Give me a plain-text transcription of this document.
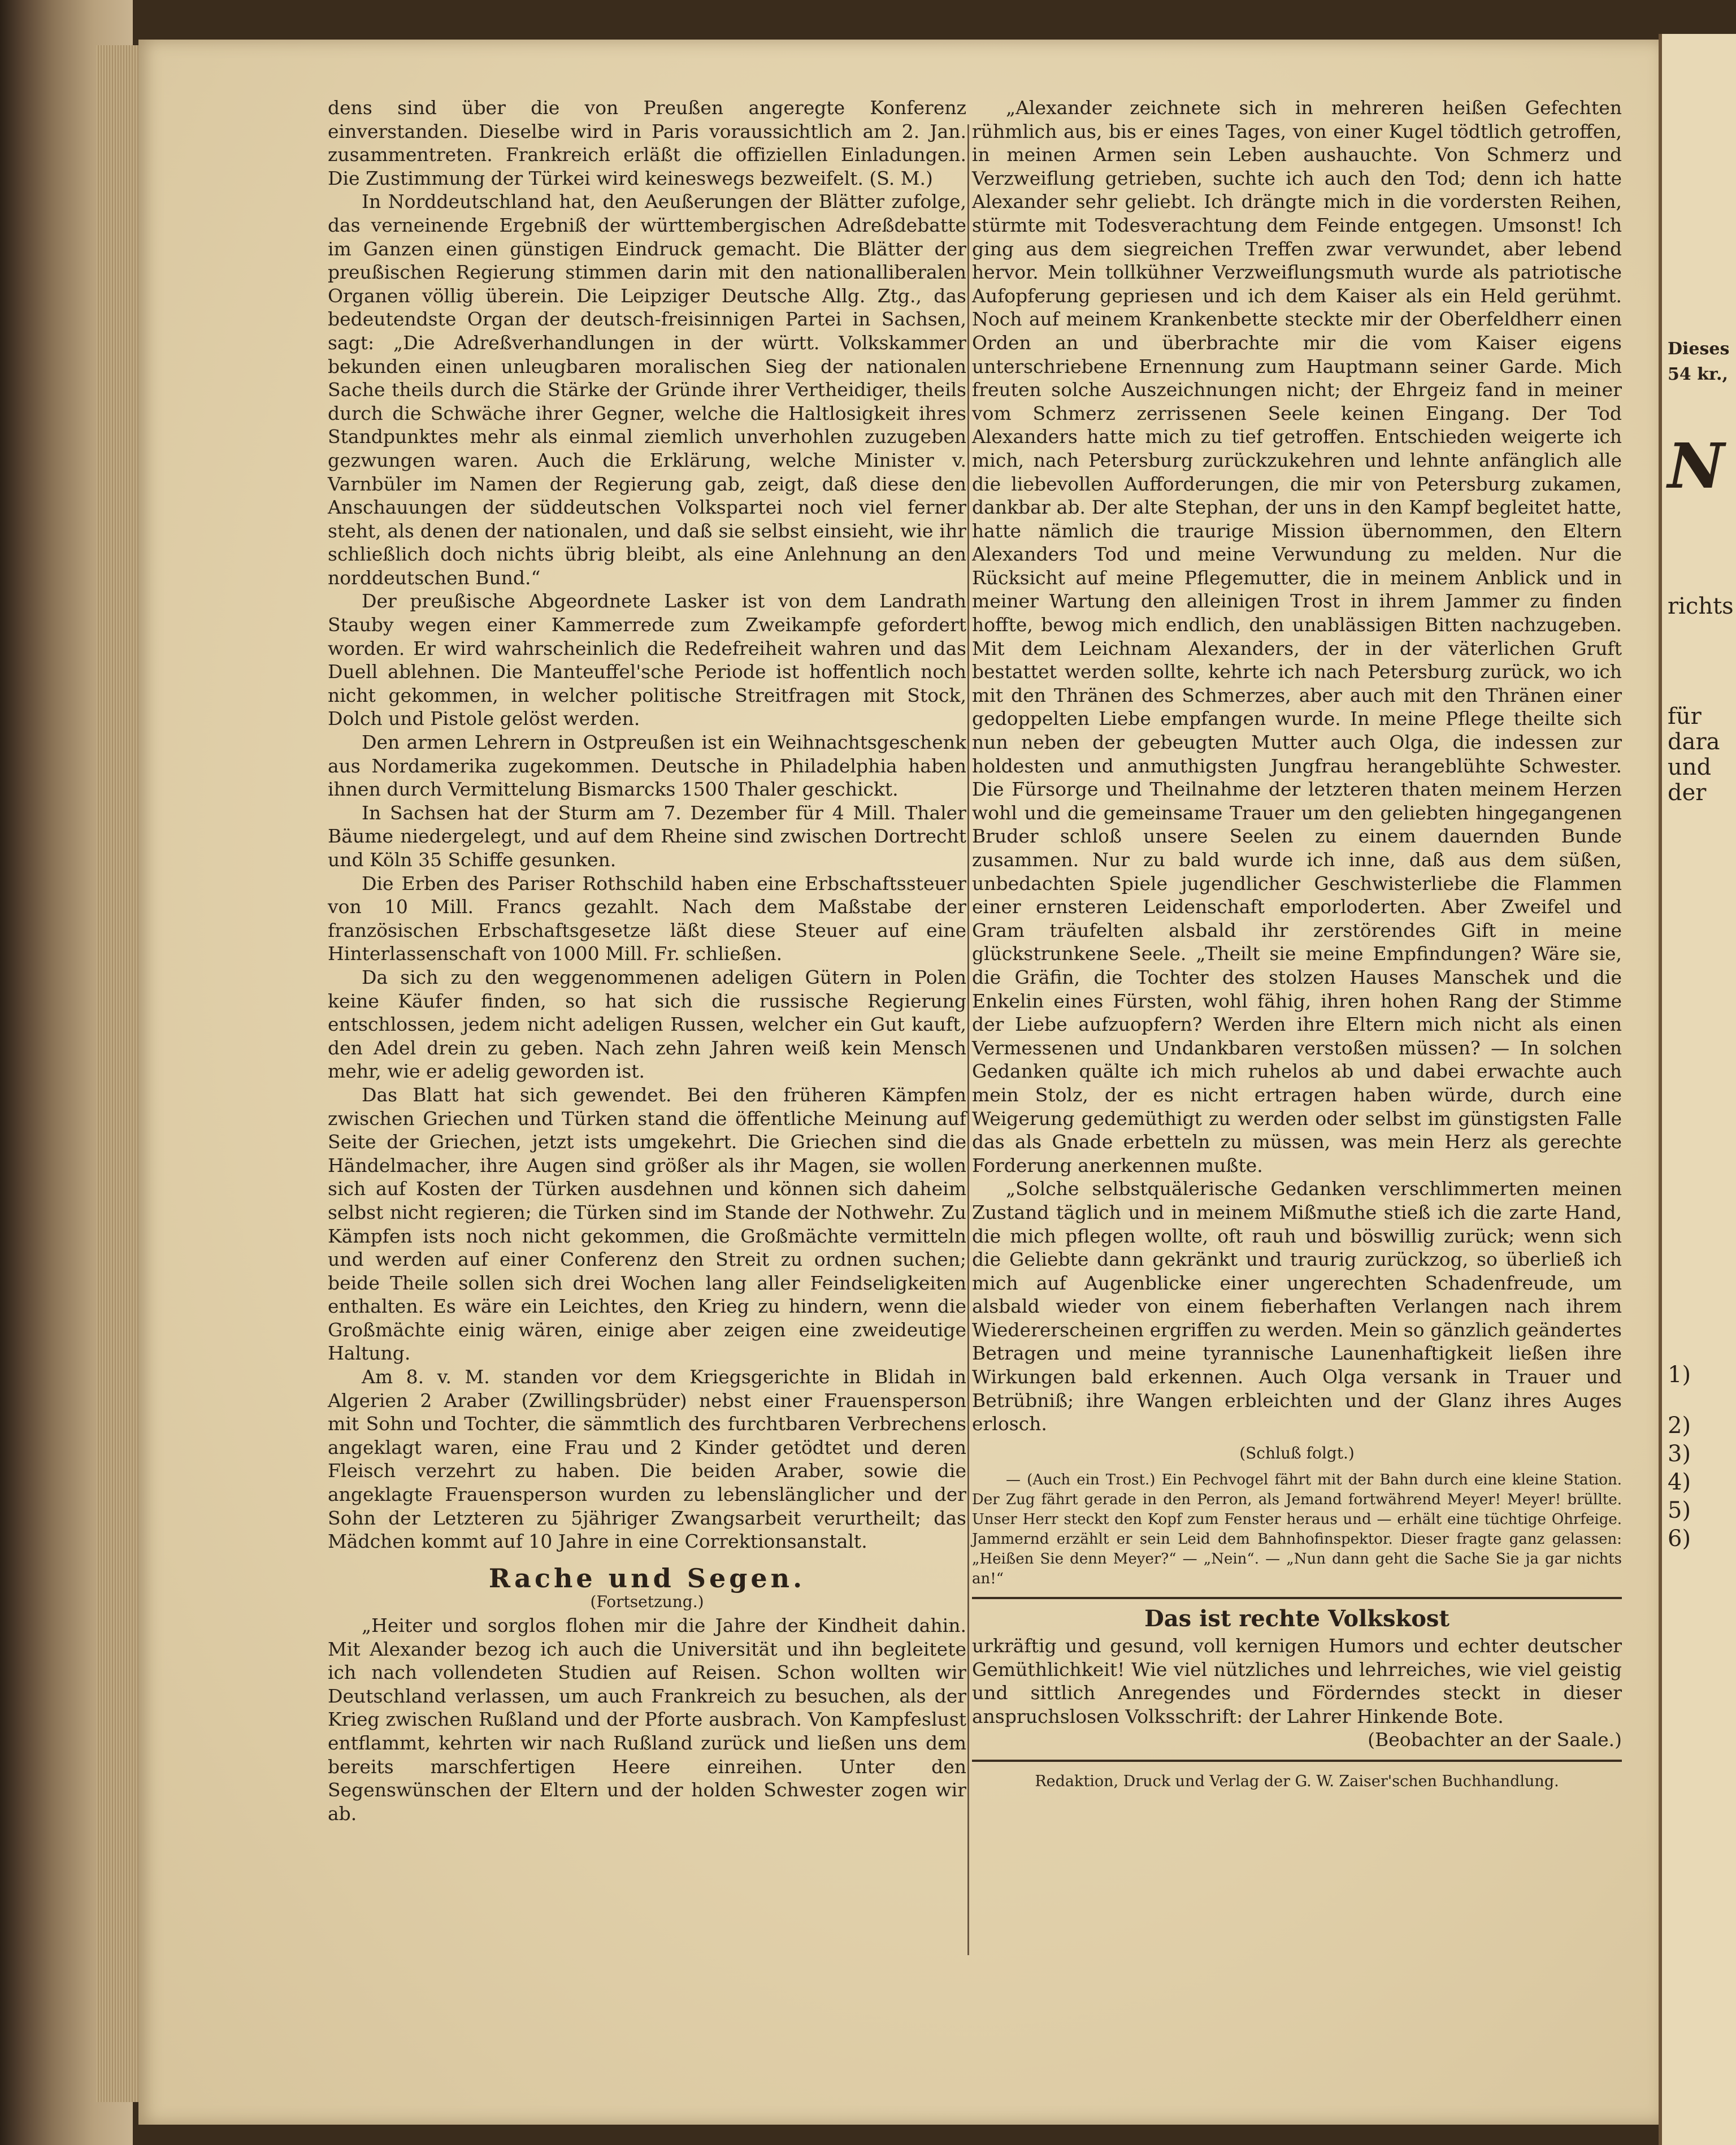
dens sind über die von Preußen angeregte Konferenz einverstanden. Dieselbe wird in Paris voraussichtlich am 2. Jan. zusammentreten. Frankreich erläßt die offiziellen Einladungen. Die Zustimmung der Türkei wird keineswegs bezweifelt. (S. M.)

In Norddeutschland hat, den Aeußerungen der Blätter zufolge, das verneinende Ergebniß der württembergischen Adreßdebatte im Ganzen einen günstigen Eindruck gemacht. Die Blätter der preußischen Regierung stimmen darin mit den nationalliberalen Organen völlig überein. Die Leipziger Deutsche Allg. Ztg., das bedeutendste Organ der deutsch-freisinnigen Partei in Sachsen, sagt: „Die Adreßverhandlungen in der württ. Volkskammer bekunden einen unleugbaren moralischen Sieg der nationalen Sache theils durch die Stärke der Gründe ihrer Vertheidiger, theils durch die Schwäche ihrer Gegner, welche die Haltlosigkeit ihres Standpunktes mehr als einmal ziemlich unverhohlen zuzugeben gezwungen waren. Auch die Erklärung, welche Minister v. Varnbüler im Namen der Regierung gab, zeigt, daß diese den Anschauungen der süddeutschen Volkspartei noch viel ferner steht, als denen der nationalen, und daß sie selbst einsieht, wie ihr schließlich doch nichts übrig bleibt, als eine Anlehnung an den norddeutschen Bund.“

Der preußische Abgeordnete Lasker ist von dem Landrath Stauby wegen einer Kammerrede zum Zweikampfe gefordert worden. Er wird wahrscheinlich die Redefreiheit wahren und das Duell ablehnen. Die Manteuffel'sche Periode ist hoffentlich noch nicht gekommen, in welcher politische Streitfragen mit Stock, Dolch und Pistole gelöst werden.

Den armen Lehrern in Ostpreußen ist ein Weihnachtsgeschenk aus Nordamerika zugekommen. Deutsche in Philadelphia haben ihnen durch Vermittelung Bismarcks 1500 Thaler geschickt.

In Sachsen hat der Sturm am 7. Dezember für 4 Mill. Thaler Bäume niedergelegt, und auf dem Rheine sind zwischen Dortrecht und Köln 35 Schiffe gesunken.

Die Erben des Pariser Rothschild haben eine Erbschaftssteuer von 10 Mill. Francs gezahlt. Nach dem Maßstabe der französischen Erbschaftsgesetze läßt diese Steuer auf eine Hinterlassenschaft von 1000 Mill. Fr. schließen.

Da sich zu den weggenommenen adeligen Gütern in Polen keine Käufer finden, so hat sich die russische Regierung entschlossen, jedem nicht adeligen Russen, welcher ein Gut kauft, den Adel drein zu geben. Nach zehn Jahren weiß kein Mensch mehr, wie er adelig geworden ist.

Das Blatt hat sich gewendet. Bei den früheren Kämpfen zwischen Griechen und Türken stand die öffentliche Meinung auf Seite der Griechen, jetzt ists umgekehrt. Die Griechen sind die Händelmacher, ihre Augen sind größer als ihr Magen, sie wollen sich auf Kosten der Türken ausdehnen und können sich daheim selbst nicht regieren; die Türken sind im Stande der Nothwehr. Zu Kämpfen ists noch nicht gekommen, die Großmächte vermitteln und werden auf einer Conferenz den Streit zu ordnen suchen; beide Theile sollen sich drei Wochen lang aller Feindseligkeiten enthalten. Es wäre ein Leichtes, den Krieg zu hindern, wenn die Großmächte einig wären, einige aber zeigen eine zweideutige Haltung.

Am 8. v. M. standen vor dem Kriegsgerichte in Blidah in Algerien 2 Araber (Zwillingsbrüder) nebst einer Frauensperson mit Sohn und Tochter, die sämmtlich des furchtbaren Verbrechens angeklagt waren, eine Frau und 2 Kinder getödtet und deren Fleisch verzehrt zu haben. Die beiden Araber, sowie die angeklagte Frauensperson wurden zu lebenslänglicher und der Sohn der Letzteren zu 5jähriger Zwangsarbeit verurtheilt; das Mädchen kommt auf 10 Jahre in eine Correktionsanstalt.

Rache und Segen.
(Fortsetzung.)

„Heiter und sorglos flohen mir die Jahre der Kindheit dahin. Mit Alexander bezog ich auch die Universität und ihn begleitete ich nach vollendeten Studien auf Reisen. Schon wollten wir Deutschland verlassen, um auch Frankreich zu besuchen, als der Krieg zwischen Rußland und der Pforte ausbrach. Von Kampfeslust entflammt, kehrten wir nach Rußland zurück und ließen uns dem bereits marschfertigen Heere einreihen. Unter den Segenswünschen der Eltern und der holden Schwester zogen wir ab.

„Alexander zeichnete sich in mehreren heißen Gefechten rühmlich aus, bis er eines Tages, von einer Kugel tödtlich getroffen, in meinen Armen sein Leben aushauchte. Von Schmerz und Verzweiflung getrieben, suchte ich auch den Tod; denn ich hatte Alexander sehr geliebt. Ich drängte mich in die vordersten Reihen, stürmte mit Todesverachtung dem Feinde entgegen. Umsonst! Ich ging aus dem siegreichen Treffen zwar verwundet, aber lebend hervor. Mein tollkühner Verzweiflungsmuth wurde als patriotische Aufopferung gepriesen und ich dem Kaiser als ein Held gerühmt. Noch auf meinem Krankenbette steckte mir der Oberfeldherr einen Orden an und überbrachte mir die vom Kaiser eigens unterschriebene Ernennung zum Hauptmann seiner Garde. Mich freuten solche Auszeichnungen nicht; der Ehrgeiz fand in meiner vom Schmerz zerrissenen Seele keinen Eingang. Der Tod Alexanders hatte mich zu tief getroffen. Entschieden weigerte ich mich, nach Petersburg zurückzukehren und lehnte anfänglich alle die liebevollen Aufforderungen, die mir von Petersburg zukamen, dankbar ab. Der alte Stephan, der uns in den Kampf begleitet hatte, hatte nämlich die traurige Mission übernommen, den Eltern Alexanders Tod und meine Verwundung zu melden. Nur die Rücksicht auf meine Pflegemutter, die in meinem Anblick und in meiner Wartung den alleinigen Trost in ihrem Jammer zu finden hoffte, bewog mich endlich, den unablässigen Bitten nachzugeben. Mit dem Leichnam Alexanders, der in der väterlichen Gruft bestattet werden sollte, kehrte ich nach Petersburg zurück, wo ich mit den Thränen des Schmerzes, aber auch mit den Thränen einer gedoppelten Liebe empfangen wurde. In meine Pflege theilte sich nun neben der gebeugten Mutter auch Olga, die indessen zur holdesten und anmuthigsten Jungfrau herangeblühte Schwester. Die Fürsorge und Theilnahme der letzteren thaten meinem Herzen wohl und die gemeinsame Trauer um den geliebten hingegangenen Bruder schloß unsere Seelen zu einem dauernden Bunde zusammen. Nur zu bald wurde ich inne, daß aus dem süßen, unbedachten Spiele jugendlicher Geschwisterliebe die Flammen einer ernsteren Leidenschaft emporloderten. Aber Zweifel und Gram träufelten alsbald ihr zerstörendes Gift in meine glückstrunkene Seele. „Theilt sie meine Empfindungen? Wäre sie, die Gräfin, die Tochter des stolzen Hauses Manschek und die Enkelin eines Fürsten, wohl fähig, ihren hohen Rang der Stimme der Liebe aufzuopfern? Werden ihre Eltern mich nicht als einen Vermessenen und Undankbaren verstoßen müssen? — In solchen Gedanken quälte ich mich ruhelos ab und dabei erwachte auch mein Stolz, der es nicht ertragen haben würde, durch eine Weigerung gedemüthigt zu werden oder selbst im günstigsten Falle das als Gnade erbetteln zu müssen, was mein Herz als gerechte Forderung anerkennen mußte.

„Solche selbstquälerische Gedanken verschlimmerten meinen Zustand täglich und in meinem Mißmuthe stieß ich die zarte Hand, die mich pflegen wollte, oft rauh und böswillig zurück; wenn sich die Geliebte dann gekränkt und traurig zurückzog, so überließ ich mich auf Augenblicke einer ungerechten Schadenfreude, um alsbald wieder von einem fieberhaften Verlangen nach ihrem Wiedererscheinen ergriffen zu werden. Mein so gänzlich geändertes Betragen und meine tyrannische Launenhaftigkeit ließen ihre Wirkungen bald erkennen. Auch Olga versank in Trauer und Betrübniß; ihre Wangen erbleichten und der Glanz ihres Auges erlosch.

(Schluß folgt.)

— (Auch ein Trost.) Ein Pechvogel fährt mit der Bahn durch eine kleine Station. Der Zug fährt gerade in den Perron, als Jemand fortwährend Meyer! Meyer! brüllte. Unser Herr steckt den Kopf zum Fenster heraus und — erhält eine tüchtige Ohrfeige. Jammernd erzählt er sein Leid dem Bahnhofinspektor. Dieser fragte ganz gelassen: „Heißen Sie denn Meyer?“ — „Nein“. — „Nun dann geht die Sache Sie ja gar nichts an!“

Das ist rechte Volkskost

urkräftig und gesund, voll kernigen Humors und echter deutscher Gemüthlichkeit! Wie viel nützliches und lehrreiches, wie viel geistig und sittlich Anregendes und Förderndes steckt in dieser anspruchslosen Volksschrift: der Lahrer Hinkende Bote.

(Beobachter an der Saale.)

Redaktion, Druck und Verlag der G. W. Zaiser'schen Buchhandlung.
Dieses
54 kr.,
N
richts
für
dara
und
der
1)
2)
3)
4)
5)
6)
